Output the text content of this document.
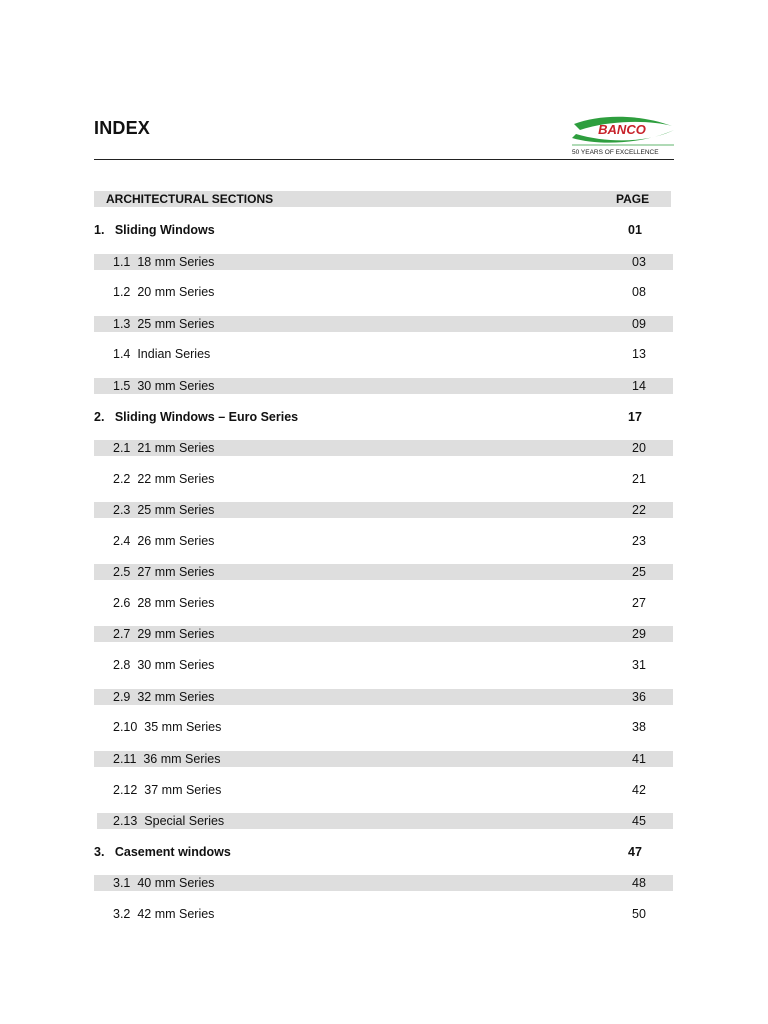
INDEX	BANCO
50 YEARS OF EXCELLENCE
ARCHITECTURAL SECTIONS	PAGE
1.   Sliding Windows	01
1.1  18 mm Series	03
1.2  20 mm Series	08
1.3  25 mm Series	09
1.4  Indian Series	13
1.5  30 mm Series	14
2.   Sliding Windows – Euro Series	17
2.1  21 mm Series	20
2.2  22 mm Series	21
2.3  25 mm Series	22
2.4  26 mm Series	23
2.5  27 mm Series	25
2.6  28 mm Series	27
2.7  29 mm Series	29
2.8  30 mm Series	31
2.9  32 mm Series	36
2.10  35 mm Series	38
2.11  36 mm Series	41
2.12  37 mm Series	42
2.13  Special Series	45
3.   Casement windows	47
3.1  40 mm Series	48
3.2  42 mm Series	50
